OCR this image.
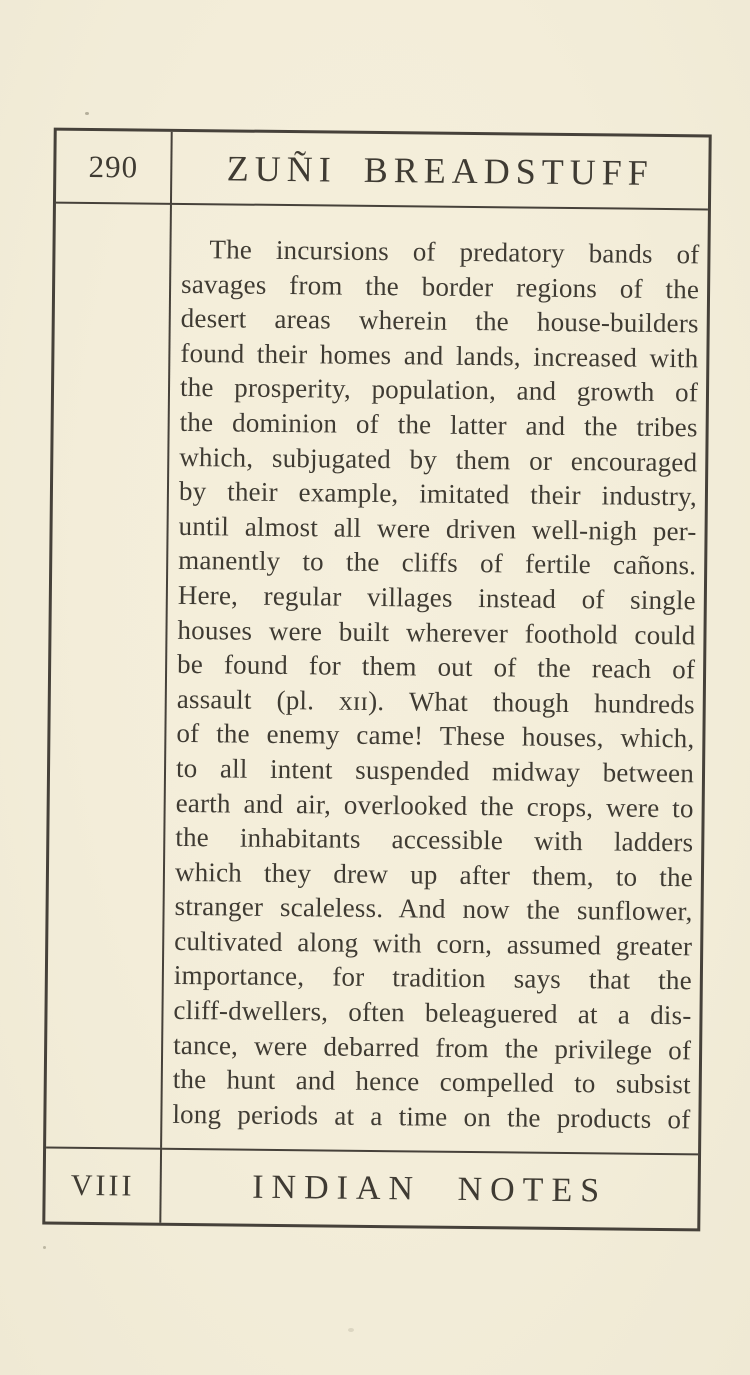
290	ZUÑI BREADSTUFF
The incursions of predatory bands of
savages from the border regions of the
desert areas wherein the house-builders
found their homes and lands, increased with
the prosperity, population, and growth of
the dominion of the latter and the tribes
which, subjugated by them or encouraged
by their example, imitated their industry,
until almost all were driven well-nigh per-
manently to the cliffs of fertile cañons.
Here, regular villages instead of single
houses were built wherever foothold could
be found for them out of the reach of
assault (pl. xɪɪ). What though hundreds
of the enemy came! These houses, which,
to all intent suspended midway between
earth and air, overlooked the crops, were to
the inhabitants accessible with ladders
which they drew up after them, to the
stranger scaleless. And now the sunflower,
cultivated along with corn, assumed greater
importance, for tradition says that the
cliff-dwellers, often beleaguered at a dis-
tance, were debarred from the privilege of
the hunt and hence compelled to subsist
long periods at a time on the products of
VIII	INDIAN NOTES
